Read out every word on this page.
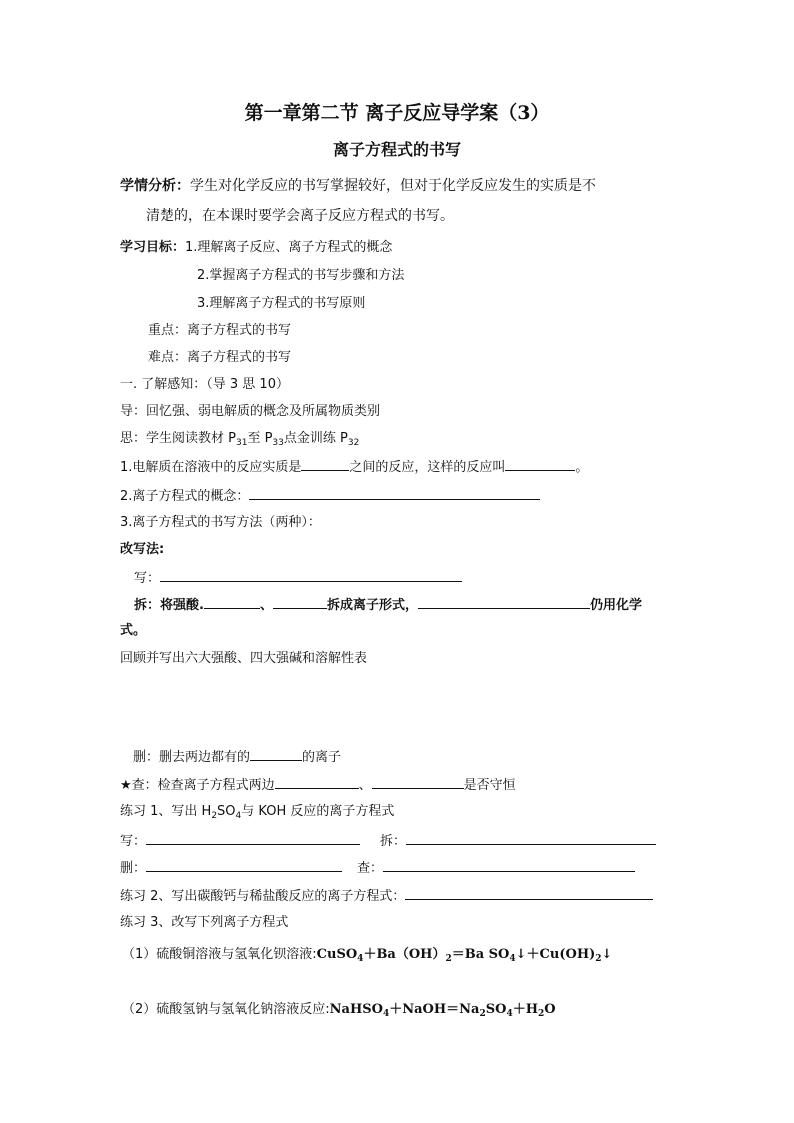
第一章第二节 离子反应导学案（3）
离子方程式的书写
学情分析：学生对化学反应的书写掌握较好，但对于化学反应发生的实质是不
清楚的，在本课时要学会离子反应方程式的书写。
学习目标：1.理解离子反应、离子方程式的概念
2.掌握离子方程式的书写步骤和方法
3.理解离子方程式的书写原则
重点：离子方程式的书写
难点：离子方程式的书写
一. 了解感知：（导 3 思 10）
导：回忆强、弱电解质的概念及所属物质类别
思：学生阅读教材 $P_{31}$至 $P_{33}$点金训练 $P_{32}$
1.电解质在溶液中的反应实质是	之间的反应，这样的反应叫	。
2.离子方程式的概念：
3.离子方程式的书写方法（两种）：
改写法:
写：
拆：将强酸.	、	拆成离子形式，	仍用化学
式。
回顾并写出六大强酸、四大强碱和溶解性表
删：删去两边都有的	的离子
★查：检查离子方程式两边	、	是否守恒
练习 1、写出 $H_2SO_4$与 KOH 反应的离子方程式
写：	拆：
删：	查：
练习 2、写出碳酸钙与稀盐酸反应的离子方程式：
练习 3、改写下列离子方程式
（1）硫酸铜溶液与氢氧化钡溶液$:CuSO_4+Ba(OH)_2=Ba$ $SO_4↓+Cu(OH)_2↓$
（2）硫酸氢钠与氢氧化钠溶液反应$:NaHSO_4+NaOH=Na_2SO_4+H_2O$
